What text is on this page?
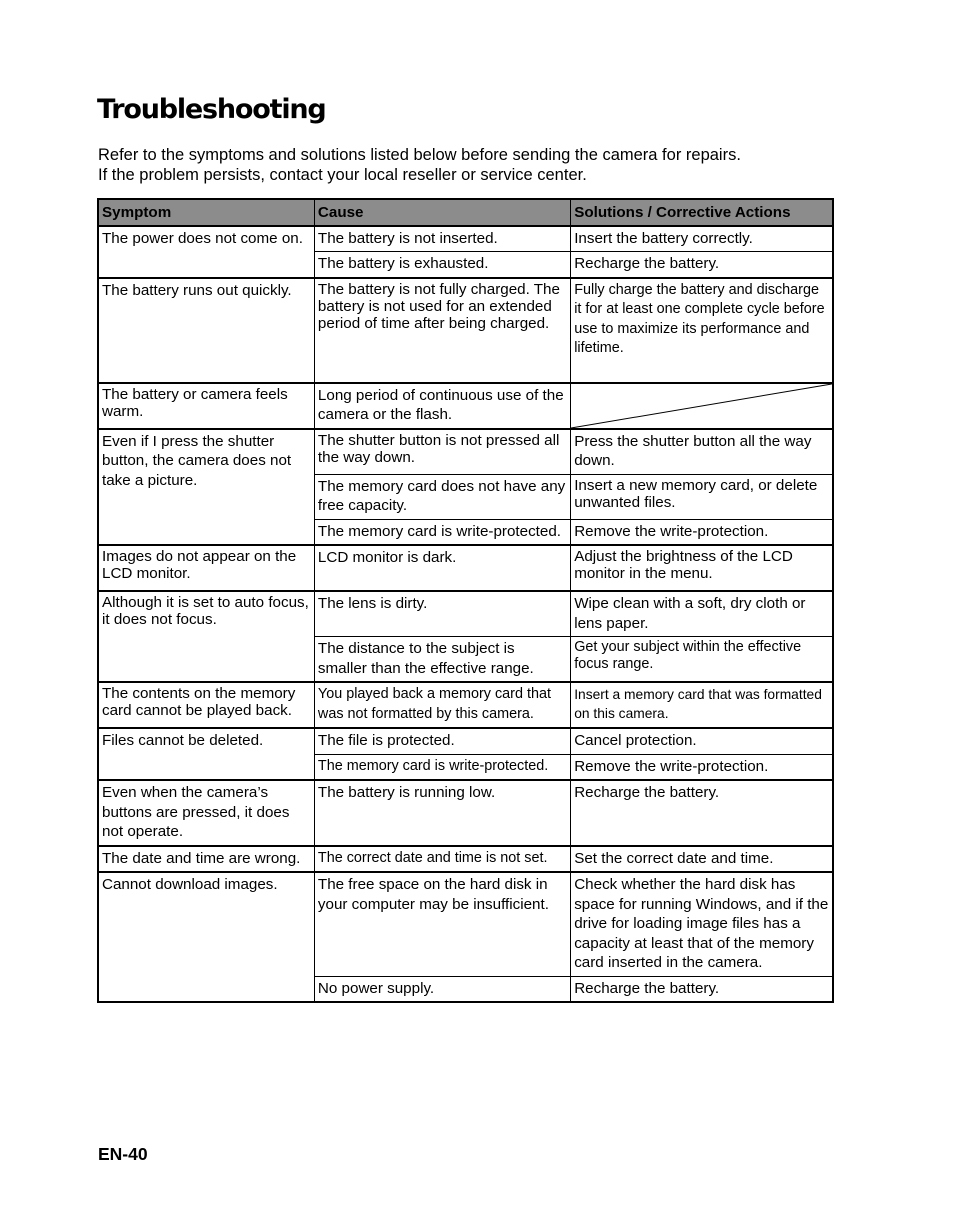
Troubleshooting

Refer to the symptoms and solutions listed below before sending the camera for repairs.

If the problem persists, contact your local reseller or service center.

Symptom	Cause	Solutions / Corrective Actions
The power does not come on.	The battery is not inserted.	Insert the battery correctly.
	The battery is exhausted.	Recharge the battery.
The battery runs out quickly.	The battery is not fully charged. The battery is not used for an extended period of time after being charged.	Fully charge the battery and discharge it for at least one complete cycle before use to maximize its performance and lifetime.
The battery or camera feels warm.	Long period of continuous use of the camera or the flash.	

Even if I press the shutter button, the camera does not take a picture.	The shutter button is not pressed all the way down.	Press the shutter button all the way down.
	The memory card does not have any free capacity.	Insert a new memory card, or delete unwanted files.
	The memory card is write-protected.	Remove the write-protection.
Images do not appear on the LCD monitor.	LCD monitor is dark.	Adjust the brightness of the LCD monitor in the menu.
Although it is set to auto focus, it does not focus.	The lens is dirty.	Wipe clean with a soft, dry cloth or lens paper.
	The distance to the subject is smaller than the effective range.	Get your subject within the effective focus range.
The contents on the memory card cannot be played back.	You played back a memory card that was not formatted by this camera.	Insert a memory card that was formatted on this camera.
Files cannot be deleted.	The file is protected.	Cancel protection.
	The memory card is write-protected.	Remove the write-protection.
Even when the camera’s buttons are pressed, it does not operate.	The battery is running low.	Recharge the battery.
The date and time are wrong.	The correct date and time is not set.	Set the correct date and time.
Cannot download images.	The free space on the hard disk in your computer may be insufficient.	Check whether the hard disk has space for running Windows, and if the drive for loading image files has a capacity at least that of the memory card inserted in the camera.
	No power supply.	Recharge the battery.
EN-40
